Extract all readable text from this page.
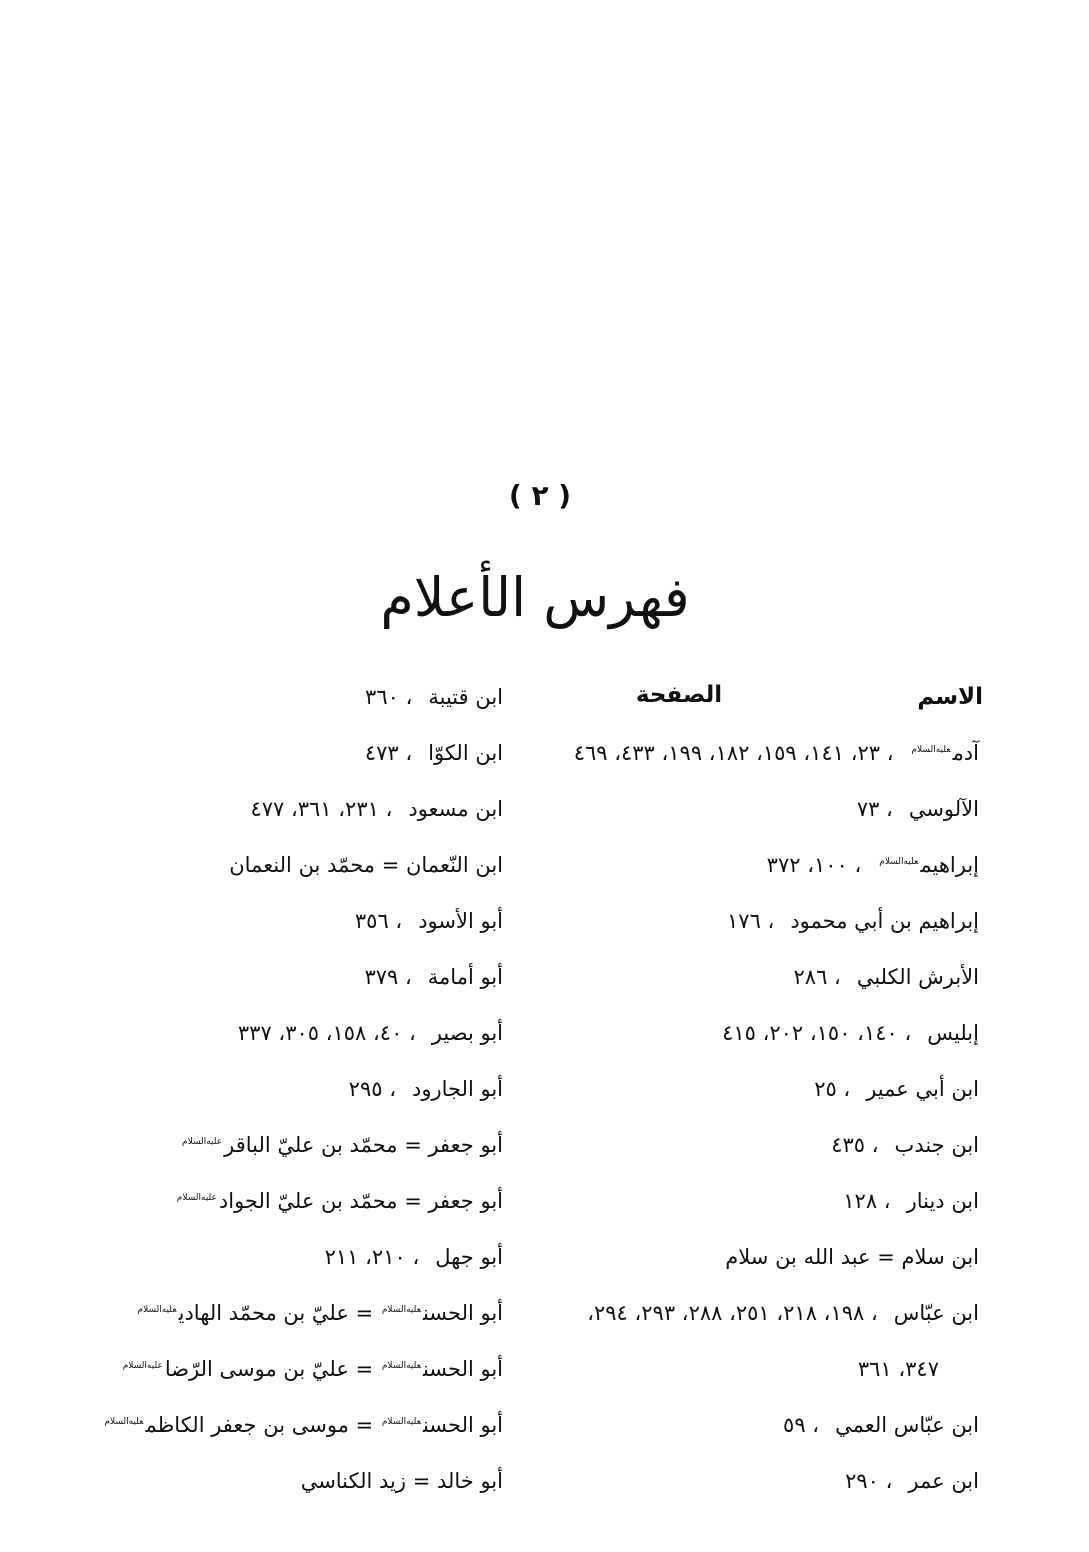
( ٢ )
فهرس الأعلام
الاسم
الصفحة
آدم$^{عليه‌السلام}$، ٢٣، ١٤١، ١٥٩، ١٨٢، ١٩٩، ٤٣٣، ٤٦٩
الآلوسي، ٧٣
إبراهيم$^{عليه‌السلام}$، ١٠٠، ٣٧٢
إبراهيم بن أبي محمود، ١٧٦
الأبرش الكلبي، ٢٨٦
إبليس، ١٤٠، ١٥٠، ٢٠٢، ٤١٥
ابن أبي عمير، ٢٥
ابن جندب، ٤٣٥
ابن دينار، ١٢٨
ابن سلام = عبد الله بن سلام
ابن عبّاس، ١٩٨، ٢١٨، ٢٥١، ٢٨٨، ٢٩٣، ٢٩٤،
٣٤٧، ٣٦١
ابن عبّاس العمي، ٥٩
ابن عمر، ٢٩٠
ابن قتيبة، ٣٦٠
ابن الكوّا، ٤٧٣
ابن مسعود، ٢٣١، ٣٦١، ٤٧٧
ابن النّعمان = محمّد بن النعمان
أبو الأسود، ٣٥٦
أبو أمامة، ٣٧٩
أبو بصير، ٤٠، ١٥٨، ٣٠٥، ٣٣٧
أبو الجارود، ٢٩٥
أبو جعفر = محمّد بن عليّ الباقر$^{عليه‌السلام}$
أبو جعفر = محمّد بن عليّ الجواد$^{عليه‌السلام}$
أبو جهل، ٢١٠، ٢١١
أبو الحسن$^{عليه‌السلام}$ = عليّ بن محمّد الهادي$^{عليه‌السلام}$
أبو الحسن$^{عليه‌السلام}$ = عليّ بن موسى الرّضا$^{عليه‌السلام}$
أبو الحسن$^{عليه‌السلام}$ = موسى بن جعفر الكاظم$^{عليه‌السلام}$
أبو خالد = زيد الكناسي
